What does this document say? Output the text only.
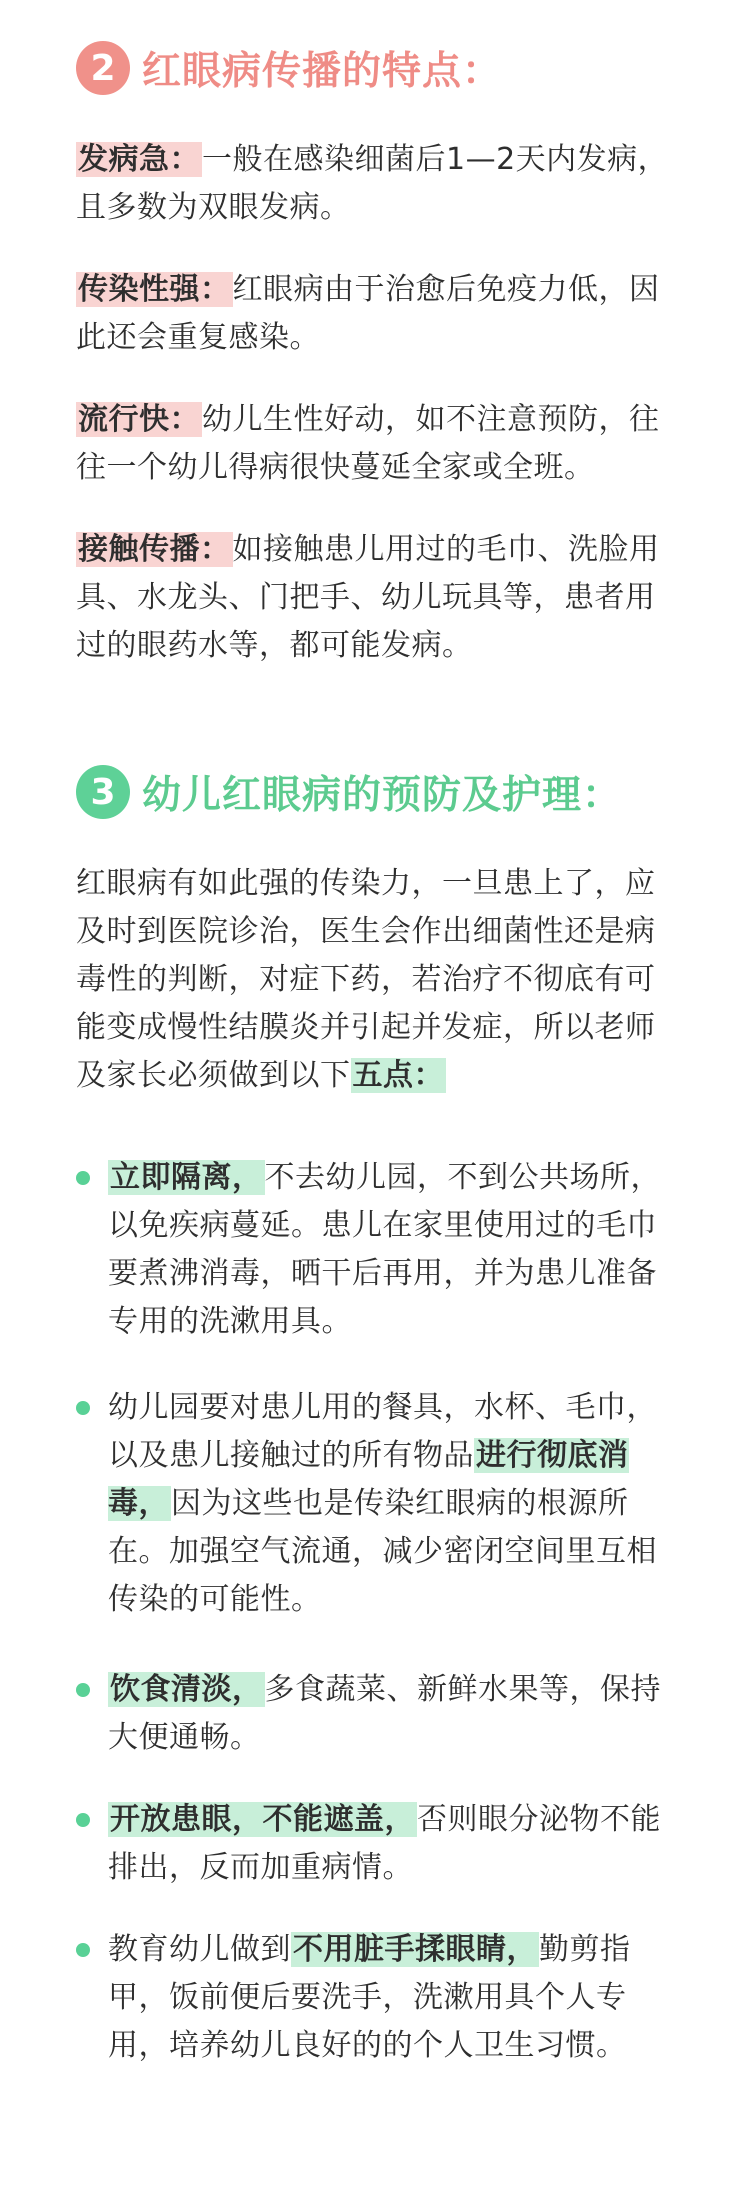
2 红眼病传播的特点：

发病急：一般在感染细菌后1—2天内发病，且多数为双眼发病。

传染性强：红眼病由于治愈后免疫力低，因此还会重复感染。

流行快：幼儿生性好动，如不注意预防，往往一个幼儿得病很快蔓延全家或全班。

接触传播：如接触患儿用过的毛巾、洗脸用具、水龙头、门把手、幼儿玩具等，患者用过的眼药水等，都可能发病。

3 幼儿红眼病的预防及护理：

红眼病有如此强的传染力，一旦患上了，应及时到医院诊治，医生会作出细菌性还是病毒性的判断，对症下药，若治疗不彻底有可能变成慢性结膜炎并引起并发症，所以老师及家长必须做到以下五点：

立即隔离，不去幼儿园，不到公共场所，以免疾病蔓延。患儿在家里使用过的毛巾要煮沸消毒，晒干后再用，并为患儿准备专用的洗漱用具。

幼儿园要对患儿用的餐具，水杯、毛巾，以及患儿接触过的所有物品进行彻底消毒，因为这些也是传染红眼病的根源所在。加强空气流通，减少密闭空间里互相传染的可能性。

饮食清淡，多食蔬菜、新鲜水果等，保持大便通畅。

开放患眼，不能遮盖，否则眼分泌物不能排出，反而加重病情。

教育幼儿做到不用脏手揉眼睛，勤剪指甲，饭前便后要洗手，洗漱用具个人专用，培养幼儿良好的的个人卫生习惯。
